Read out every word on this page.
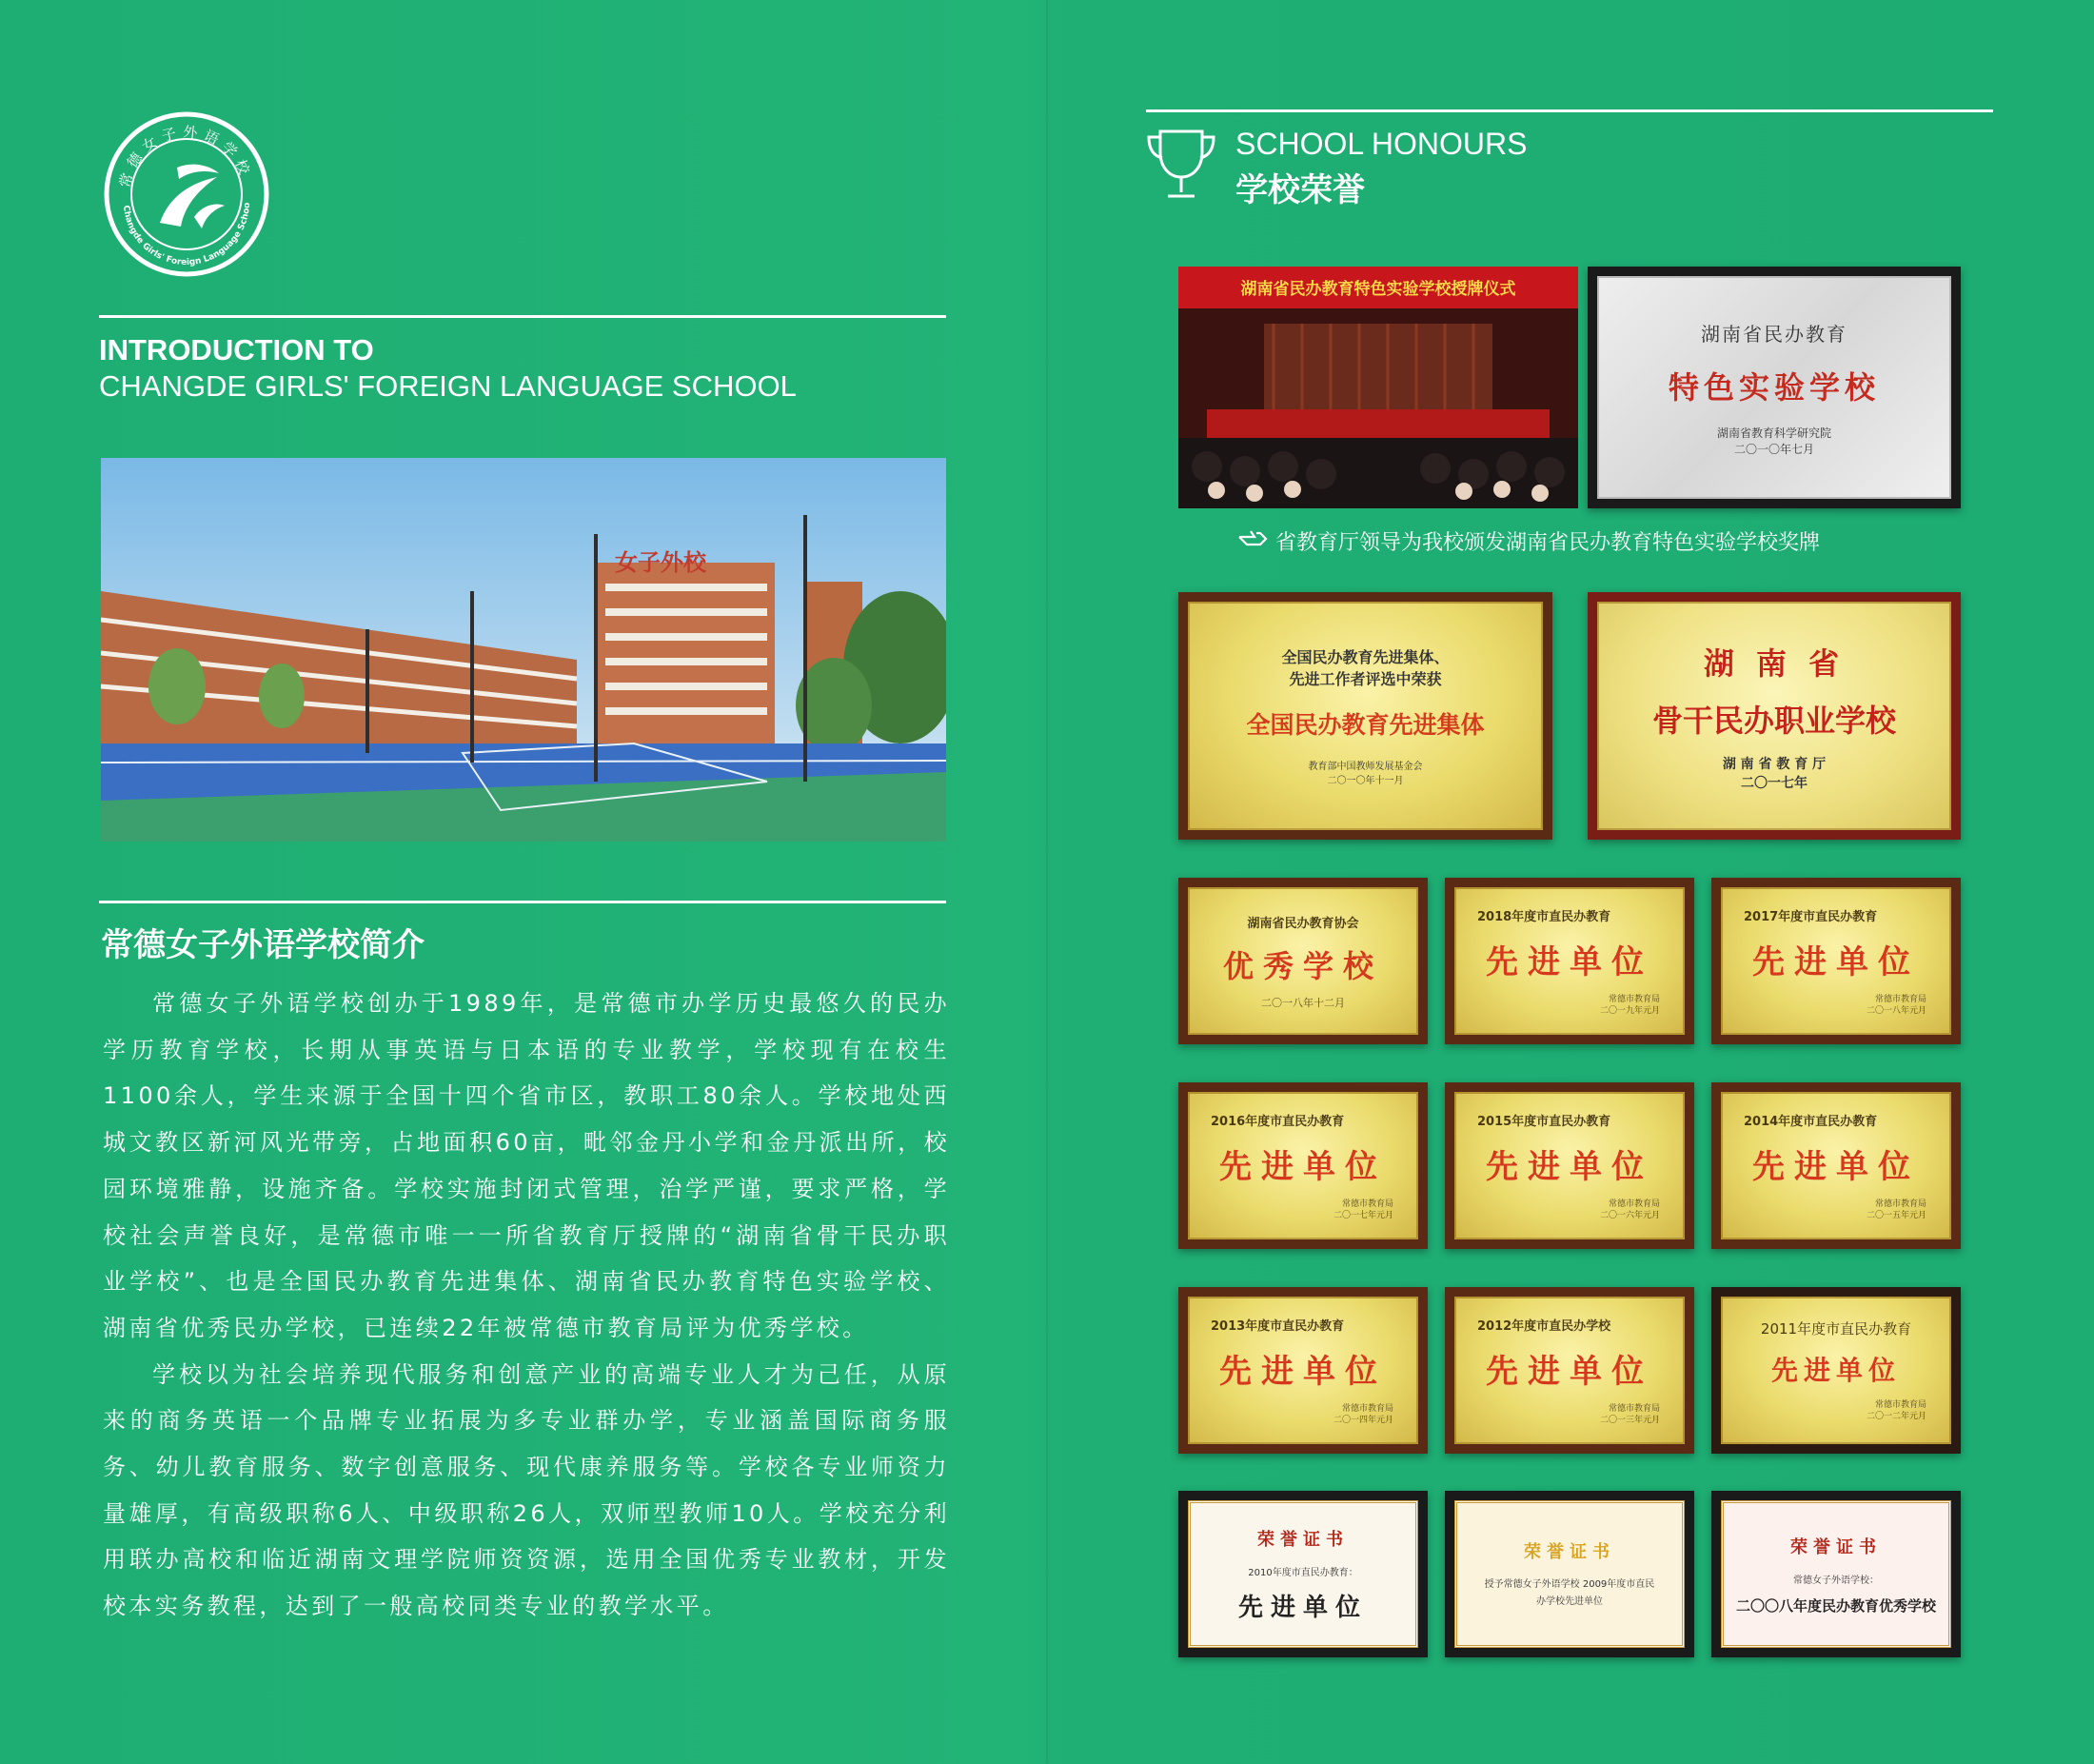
常德女子外语学校
Changde Girls' Foreign Language Schoo
INTRODUCTION TO
CHANGDE GIRLS' FOREIGN LANGUAGE SCHOOL
女子外校
常德女子外语学校简介

常德女子外语学校创办于1989年，是常德市办学历史最悠久的民办学历教育学校，长期从事英语与日本语的专业教学，学校现有在校生1100余人，学生来源于全国十四个省市区，教职工80余人。学校地处西城文教区新河风光带旁，占地面积60亩，毗邻金丹小学和金丹派出所，校园环境雅静，设施齐备。学校实施封闭式管理，治学严谨，要求严格，学校社会声誉良好，是常德市唯一一所省教育厅授牌的“湖南省骨干民办职业学校”、也是全国民办教育先进集体、湖南省民办教育特色实验学校、湖南省优秀民办学校，已连续22年被常德市教育局评为优秀学校。

学校以为社会培养现代服务和创意产业的高端专业人才为己任，从原来的商务英语一个品牌专业拓展为多专业群办学，专业涵盖国际商务服务、幼儿教育服务、数字创意服务、现代康养服务等。学校各专业师资力量雄厚，有高级职称6人、中级职称26人，双师型教师10人。学校充分利用联办高校和临近湖南文理学院师资资源，选用全国优秀专业教材，开发校本实务教程，达到了一般高校同类专业的教学水平。

SCHOOL HONOURS
学校荣誉
湖南省民办教育特色实验学校授牌仪式
湖南省民办教育
特色实验学校
湖南省教育科学研究院
二〇一〇年七月
省教育厅领导为我校颁发湖南省民办教育特色实验学校奖牌
全国民办教育先进集体、
先进工作者评选中荣获
全国民办教育先进集体
教育部中国教师发展基金会
二〇一〇年十一月
湖 南 省
骨干民办职业学校
湖 南 省 教 育 厅
二〇一七年
湖南省民办教育协会
优秀学校
二〇一八年十二月
2018年度市直民办教育
先进单位
常德市教育局
二〇一九年元月
2017年度市直民办教育
先进单位
常德市教育局
二〇一八年元月
2016年度市直民办教育
先进单位
常德市教育局
二〇一七年元月
2015年度市直民办教育
先进单位
常德市教育局
二〇一六年元月
2014年度市直民办教育
先进单位
常德市教育局
二〇一五年元月
2013年度市直民办教育
先进单位
常德市教育局
二〇一四年元月
2012年度市直民办学校
先进单位
常德市教育局
二〇一三年元月
2011年度市直民办教育
先进单位
常德市教育局
二〇一二年元月
荣誉证书
2010年度市直民办教育：
先进单位
荣誉证书
授予常德女子外语学校 2009年度市直民办学校先进单位
荣誉证书
常德女子外语学校：
二〇〇八年度民办教育优秀学校
